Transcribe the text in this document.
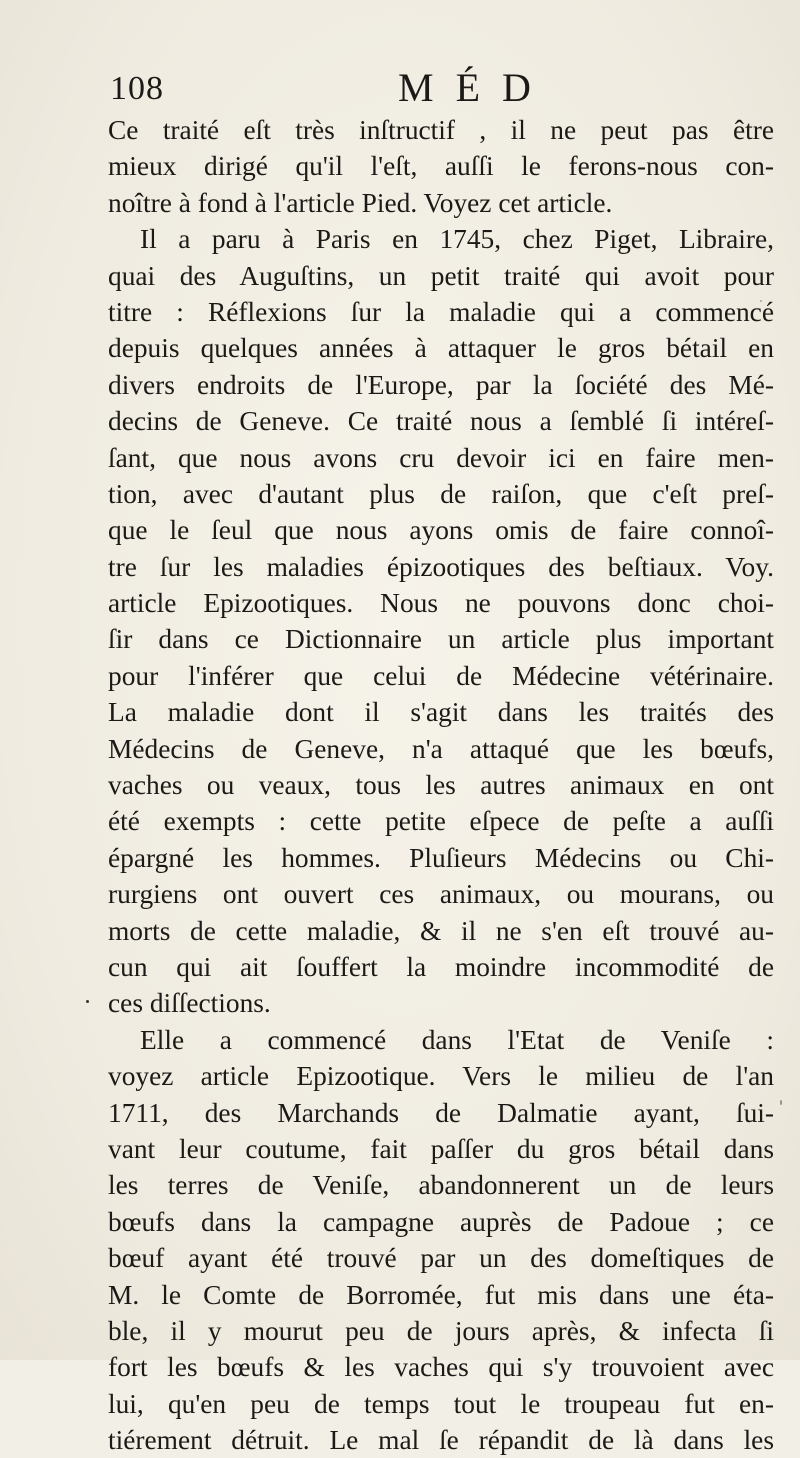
108	MÉD
Ce traité eſt très inſtructif , il ne peut pas être
mieux dirigé qu'il l'eſt, auſſi le ferons-nous con-
noître à fond à l'article Pied. Voyez cet article.
Il a paru à Paris en 1745, chez Piget, Libraire,
quai des Auguſtins, un petit traité qui avoit pour
titre : Réflexions ſur la maladie qui a commencé
depuis quelques années à attaquer le gros bétail en
divers endroits de l'Europe, par la ſociété des Mé-
decins de Geneve. Ce traité nous a ſemblé ſi intéreſ-
ſant, que nous avons cru devoir ici en faire men-
tion, avec d'autant plus de raiſon, que c'eſt preſ-
que le ſeul que nous ayons omis de faire connoî-
tre ſur les maladies épizootiques des beſtiaux. Voy.
article Epizootiques. Nous ne pouvons donc choi-
ſir dans ce Dictionnaire un article plus important
pour l'inférer que celui de Médecine vétérinaire.
La maladie dont il s'agit dans les traités des
Médecins de Geneve, n'a attaqué que les bœufs,
vaches ou veaux, tous les autres animaux en ont
été exempts : cette petite eſpece de peſte a auſſi
épargné les hommes. Pluſieurs Médecins ou Chi-
rurgiens ont ouvert ces animaux, ou mourans, ou
morts de cette maladie, & il ne s'en eſt trouvé au-
cun qui ait ſouffert la moindre incommodité de
ces diſſections.
Elle a commencé dans l'Etat de Veniſe :
voyez article Epizootique. Vers le milieu de l'an
1711, des Marchands de Dalmatie ayant, ſui-
vant leur coutume, fait paſſer du gros bétail dans
les terres de Veniſe, abandonnerent un de leurs
bœufs dans la campagne auprès de Padoue ; ce
bœuf ayant été trouvé par un des domeſtiques de
M. le Comte de Borromée, fut mis dans une éta-
ble, il y mourut peu de jours après, & infecta ſi
fort les bœufs & les vaches qui s'y trouvoient avec
lui, qu'en peu de temps tout le troupeau fut en-
tiérement détruit. Le mal ſe répandit de là dans les
